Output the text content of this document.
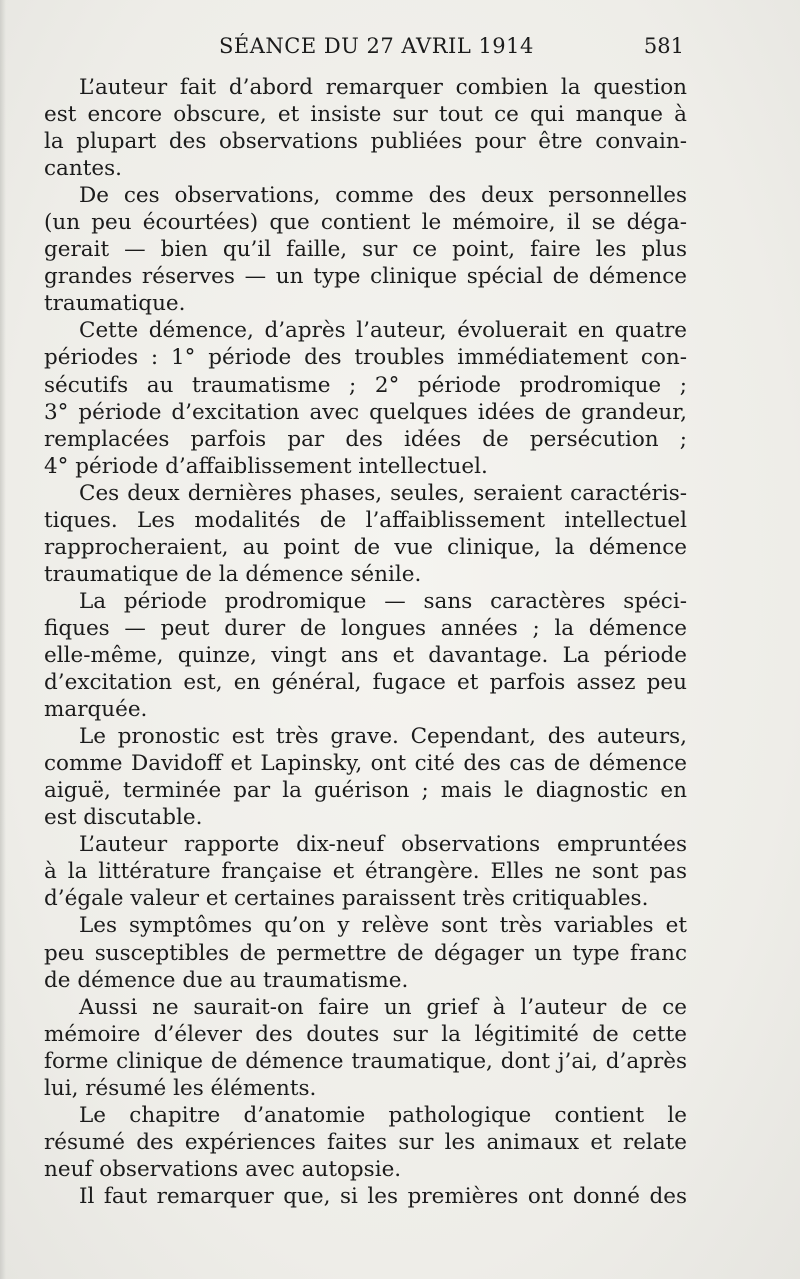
SÉANCE DU 27 AVRIL 1914	581
L’auteur fait d’abord remarquer combien la question
est encore obscure, et insiste sur tout ce qui manque à
la plupart des observations publiées pour être convain-
cantes.
De ces observations, comme des deux personnelles
(un peu écourtées) que contient le mémoire, il se déga-
gerait — bien qu’il faille, sur ce point, faire les plus
grandes réserves — un type clinique spécial de démence
traumatique.
Cette démence, d’après l’auteur, évoluerait en quatre
périodes : 1° période des troubles immédiatement con-
sécutifs au traumatisme ; 2° période prodromique ;
3° période d’excitation avec quelques idées de grandeur,
remplacées parfois par des idées de persécution ;
4° période d’affaiblissement intellectuel.
Ces deux dernières phases, seules, seraient caractéris-
tiques. Les modalités de l’affaiblissement intellectuel
rapprocheraient, au point de vue clinique, la démence
traumatique de la démence sénile.
La période prodromique — sans caractères spéci-
fiques — peut durer de longues années ; la démence
elle-même, quinze, vingt ans et davantage. La période
d’excitation est, en général, fugace et parfois assez peu
marquée.
Le pronostic est très grave. Cependant, des auteurs,
comme Davidoff et Lapinsky, ont cité des cas de démence
aiguë, terminée par la guérison ; mais le diagnostic en
est discutable.
L’auteur rapporte dix-neuf observations empruntées
à la littérature française et étrangère. Elles ne sont pas
d’égale valeur et certaines paraissent très critiquables.
Les symptômes qu’on y relève sont très variables et
peu susceptibles de permettre de dégager un type franc
de démence due au traumatisme.
Aussi ne saurait-on faire un grief à l’auteur de ce
mémoire d’élever des doutes sur la légitimité de cette
forme clinique de démence traumatique, dont j’ai, d’après
lui, résumé les éléments.
Le chapitre d’anatomie pathologique contient le
résumé des expériences faites sur les animaux et relate
neuf observations avec autopsie.
Il faut remarquer que, si les premières ont donné des
